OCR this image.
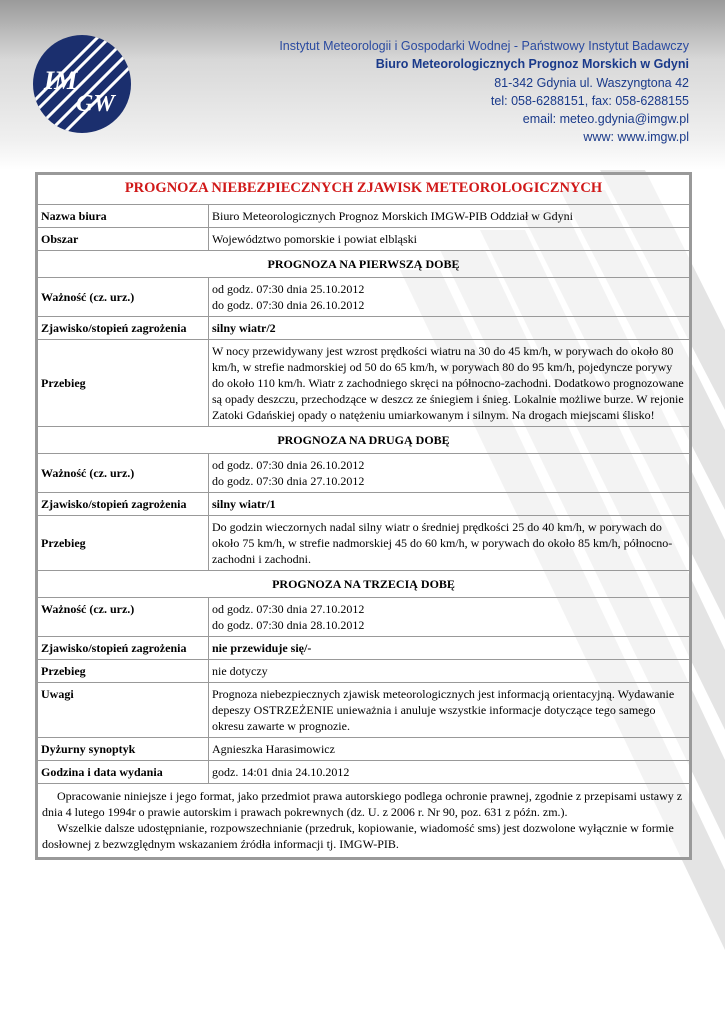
IM
GW
Instytut Meteorologii i Gospodarki Wodnej - Państwowy Instytut Badawczy
Biuro Meteorologicznych Prognoz Morskich w Gdyni
81-342 Gdynia ul. Waszyngtona 42
tel: 058-6288151, fax: 058-6288155
email: meteo.gdynia@imgw.pl
www: www.imgw.pl
PROGNOZA NIEBEZPIECZNYCH ZJAWISK METEOROLOGICZNYCH	
Nazwa biura	Biuro Meteorologicznych Prognoz Morskich IMGW-PIB Oddział w Gdyni
Obszar	Województwo pomorskie i powiat elbląski
PROGNOZA NA PIERWSZĄ DOBĘ	
Ważność (cz. urz.)	od godz. 07:30 dnia 25.10.2012
do godz. 07:30 dnia 26.10.2012

Zjawisko/stopień zagrożenia	silny wiatr/2
Przebieg	W nocy przewidywany jest wzrost prędkości wiatru na 30 do 45 km/h, w porywach do około 80 km/h, w strefie nadmorskiej od 50 do 65 km/h, w porywach 80 do 95 km/h, pojedyncze porywy do około 110 km/h. Wiatr z zachodniego skręci na północno-zachodni. Dodatkowo prognozowane są opady deszczu, przechodzące w deszcz ze śniegiem i śnieg. Lokalnie możliwe burze. W rejonie Zatoki Gdańskiej opady o natężeniu umiarkowanym i silnym. Na drogach miejscami ślisko!
PROGNOZA NA DRUGĄ DOBĘ	
Ważność (cz. urz.)	od godz. 07:30 dnia 26.10.2012
do godz. 07:30 dnia 27.10.2012

Zjawisko/stopień zagrożenia	silny wiatr/1
Przebieg	Do godzin wieczornych nadal silny wiatr o średniej prędkości 25 do 40 km/h, w porywach do około 75 km/h, w strefie nadmorskiej 45 do 60 km/h, w porywach do około 85 km/h, północno-zachodni i zachodni.
PROGNOZA NA TRZECIĄ DOBĘ	
Ważność (cz. urz.)	od godz. 07:30 dnia 27.10.2012
do godz. 07:30 dnia 28.10.2012

Zjawisko/stopień zagrożenia	nie przewiduje się/-
Przebieg	nie dotyczy
Uwagi	Prognoza niebezpiecznych zjawisk meteorologicznych jest informacją orientacyjną. Wydawanie depeszy OSTRZEŻENIE unieważnia i anuluje wszystkie informacje dotyczące tego samego okresu zawarte w prognozie.
Dyżurny synoptyk	Agnieszka Harasimowicz
Godzina i data wydania	godz. 14:01 dnia 24.10.2012

Opracowanie niniejsze i jego format, jako przedmiot prawa autorskiego podlega ochronie prawnej, zgodnie z przepisami ustawy z dnia 4 lutego 1994r o prawie autorskim i prawach pokrewnych (dz. U. z 2006 r. Nr 90, poz. 631 z późn. zm.).

Wszelkie dalsze udostępnianie, rozpowszechnianie (przedruk, kopiowanie, wiadomość sms) jest dozwolone wyłącznie w formie dosłownej z bezwzględnym wskazaniem źródła informacji tj. IMGW-PIB.	
